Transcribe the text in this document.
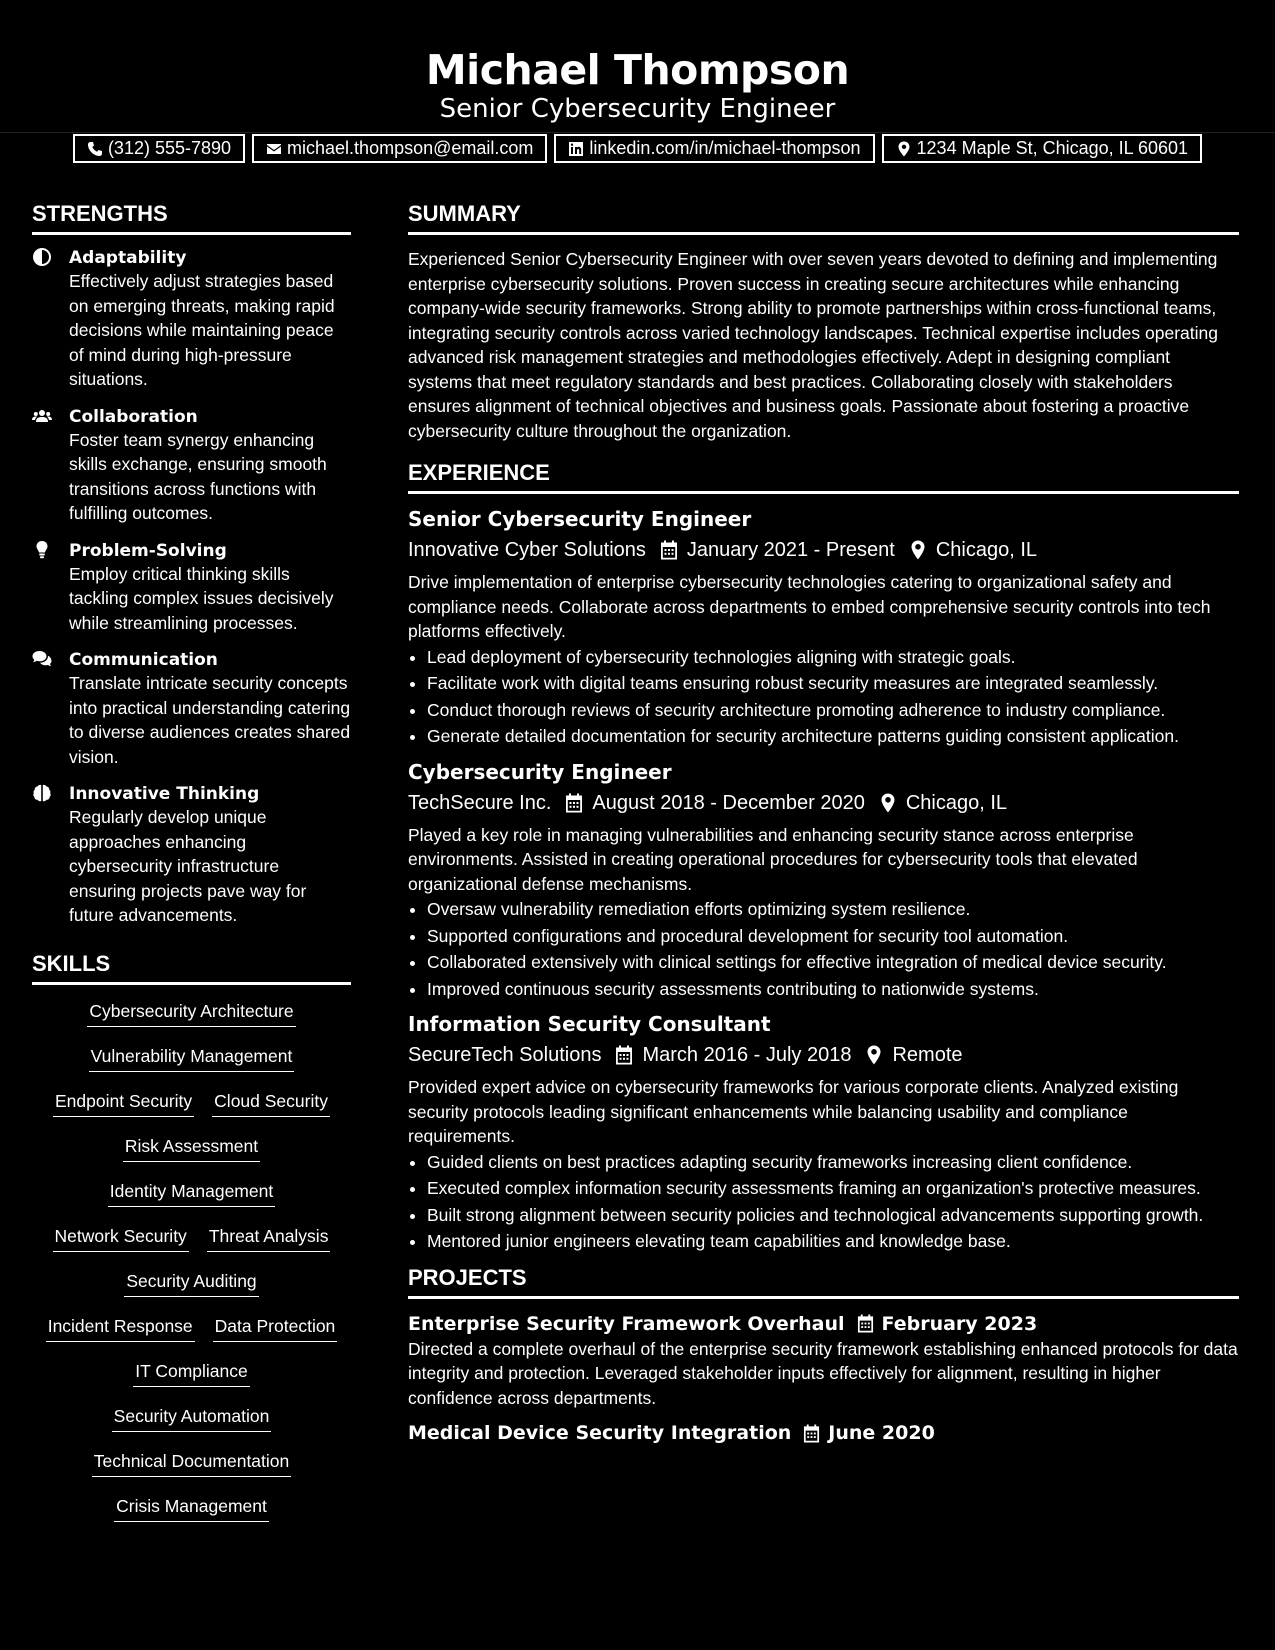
Michael Thompson
Senior Cybersecurity Engineer
(312) 555-7890	michael.thompson@email.com	linkedin.com/in/michael-thompson	1234 Maple St, Chicago, IL 60601
STRENGTHS
Adaptability
Effectively adjust strategies based on emerging threats, making rapid decisions while maintaining peace of mind during high-pressure situations.
Collaboration
Foster team synergy enhancing skills exchange, ensuring smooth transitions across functions with fulfilling outcomes.
Problem-Solving
Employ critical thinking skills tackling complex issues decisively while streamlining processes.
Communication
Translate intricate security concepts into practical understanding catering to diverse audiences creates shared vision.
Innovative Thinking
Regularly develop unique approaches enhancing cybersecurity infrastructure ensuring projects pave way for future advancements.
SKILLS
Cybersecurity Architecture
Vulnerability Management
Endpoint Security Cloud Security
Risk Assessment
Identity Management
Network Security Threat Analysis
Security Auditing
Incident Response Data Protection
IT Compliance
Security Automation
Technical Documentation
Crisis Management
SUMMARY
Experienced Senior Cybersecurity Engineer with over seven years devoted to defining and implementing enterprise cybersecurity solutions. Proven success in creating secure architectures while enhancing company-wide security frameworks. Strong ability to promote partnerships within cross-functional teams, integrating security controls across varied technology landscapes. Technical expertise includes operating advanced risk management strategies and methodologies effectively. Adept in designing compliant systems that meet regulatory standards and best practices. Collaborating closely with stakeholders ensures alignment of technical objectives and business goals. Passionate about fostering a proactive cybersecurity culture throughout the organization.
EXPERIENCE
Senior Cybersecurity Engineer
Innovative Cyber Solutions January 2021 - Present Chicago, IL
Drive implementation of enterprise cybersecurity technologies catering to organizational safety and compliance needs. Collaborate across departments to embed comprehensive security controls into tech platforms effectively.
• Lead deployment of cybersecurity technologies aligning with strategic goals.
• Facilitate work with digital teams ensuring robust security measures are integrated seamlessly.
• Conduct thorough reviews of security architecture promoting adherence to industry compliance.
• Generate detailed documentation for security architecture patterns guiding consistent application.
Cybersecurity Engineer
TechSecure Inc. August 2018 - December 2020 Chicago, IL
Played a key role in managing vulnerabilities and enhancing security stance across enterprise environments. Assisted in creating operational procedures for cybersecurity tools that elevated organizational defense mechanisms.
• Oversaw vulnerability remediation efforts optimizing system resilience.
• Supported configurations and procedural development for security tool automation.
• Collaborated extensively with clinical settings for effective integration of medical device security.
• Improved continuous security assessments contributing to nationwide systems.
Information Security Consultant
SecureTech Solutions March 2016 - July 2018 Remote
Provided expert advice on cybersecurity frameworks for various corporate clients. Analyzed existing security protocols leading significant enhancements while balancing usability and compliance requirements.
• Guided clients on best practices adapting security frameworks increasing client confidence.
• Executed complex information security assessments framing an organization's protective measures.
• Built strong alignment between security policies and technological advancements supporting growth.
• Mentored junior engineers elevating team capabilities and knowledge base.
PROJECTS
Enterprise Security Framework Overhaul February 2023
Directed a complete overhaul of the enterprise security framework establishing enhanced protocols for data integrity and protection. Leveraged stakeholder inputs effectively for alignment, resulting in higher confidence across departments.
Medical Device Security Integration June 2020
